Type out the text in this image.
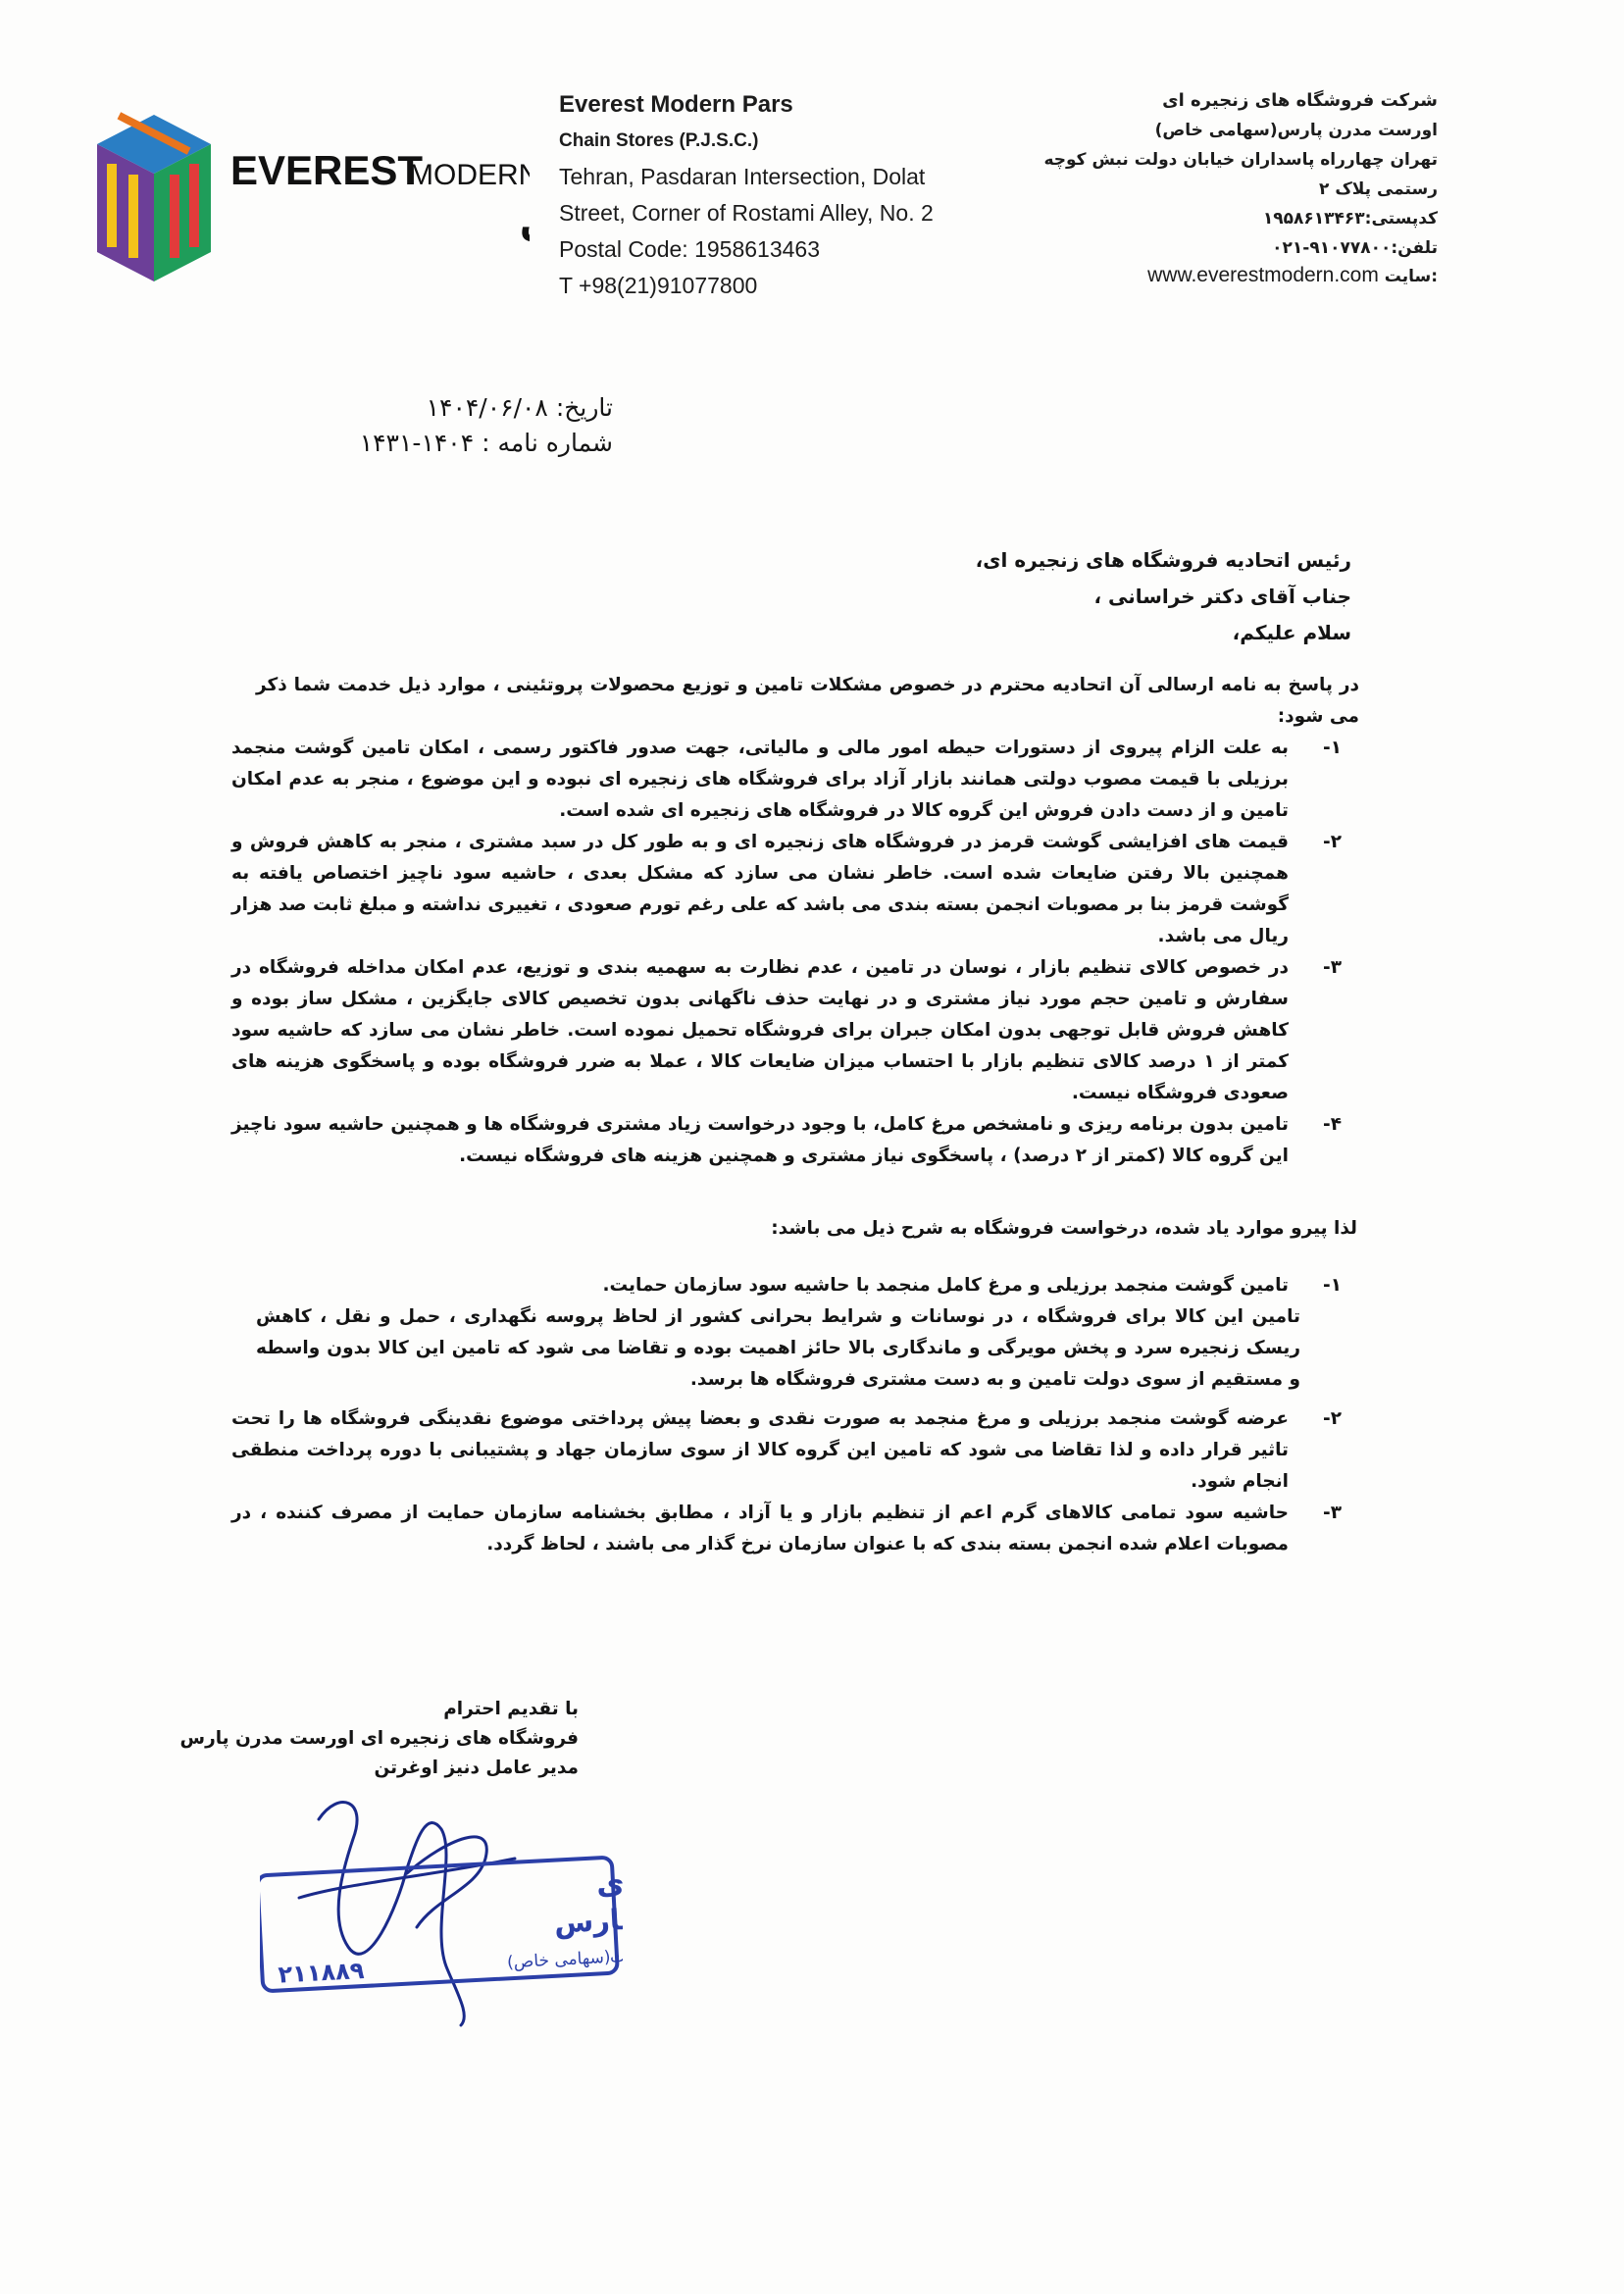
EVEREST
MODERN
Everest Modern Pars
Chain Stores (P.J.S.C.)
Tehran, Pasdaran Intersection, Dolat
Street, Corner of Rostami Alley, No. 2
Postal Code: 1958613463
T +98(21)91077800
شرکت فروشگاه های زنجیره ای
اورست مدرن پارس(سهامی خاص)
تهران چهارراه پاسداران خیابان دولت نبش کوچه
رستمی پلاک ۲
کدپستی:۱۹۵۸۶۱۳۴۶۳
تلفن:۹۱۰۷۷۸۰۰-۰۲۱
www.everestmodern.com سایت:
تاریخ: ۱۴۰۴/۰۶/۰۸
شماره نامه : ۱۴۰۴-۱۴۳۱
رئیس اتحادیه فروشگاه های زنجیره ای،
جناب آقای دکتر خراسانی ،
سلام علیکم،
در پاسخ به نامه ارسالی آن اتحادیه محترم در خصوص مشکلات تامین و توزیع محصولات پروتئینی ، موارد ذیل خدمت شما ذکر می شود:
۱-
به علت الزام پیروی از دستورات حیطه امور مالی و مالیاتی، جهت صدور فاکتور رسمی ، امکان تامین گوشت منجمد برزیلی با قیمت مصوب دولتی همانند بازار آزاد برای فروشگاه های زنجیره ای نبوده و این موضوع ، منجر به عدم امکان تامین و از دست دادن فروش این گروه کالا در فروشگاه های زنجیره ای شده است.
۲-
قیمت های افزایشی گوشت قرمز در فروشگاه های زنجیره ای و به طور کل در سبد مشتری ، منجر به کاهش فروش و همچنین بالا رفتن ضایعات شده است. خاطر نشان می سازد که مشکل بعدی ، حاشیه سود ناچیز اختصاص یافته به گوشت قرمز بنا بر مصوبات انجمن بسته بندی می باشد که علی رغم تورم صعودی ، تغییری نداشته و مبلغ ثابت صد هزار ریال می باشد.
۳-
در خصوص کالای تنظیم بازار ، نوسان در تامین ، عدم نظارت به سهمیه بندی و توزیع، عدم امکان مداخله فروشگاه در سفارش و تامین حجم مورد نیاز مشتری و در نهایت حذف ناگهانی بدون تخصیص کالای جایگزین ، مشکل ساز بوده و کاهش فروش قابل توجهی بدون امکان جبران برای فروشگاه تحمیل نموده است. خاطر نشان می سازد که حاشیه سود کمتر از ۱ درصد کالای تنظیم بازار با احتساب میزان ضایعات کالا ، عملا به ضرر فروشگاه بوده و پاسخگوی هزینه های صعودی فروشگاه نیست.
۴-
تامین بدون برنامه ریزی و نامشخص مرغ کامل، با وجود درخواست زیاد مشتری فروشگاه ها و همچنین حاشیه سود ناچیز این گروه کالا (کمتر از ۲ درصد) ، پاسخگوی نیاز مشتری و همچنین هزینه های فروشگاه نیست.
لذا پیرو موارد یاد شده، درخواست فروشگاه به شرح ذیل می باشد:
۱-
تامین گوشت منجمد برزیلی و مرغ کامل منجمد با حاشیه سود سازمان حمایت.
تامین این کالا برای فروشگاه ، در نوسانات و شرایط بحرانی کشور از لحاظ پروسه نگهداری ، حمل و نقل ، کاهش ریسک زنجیره سرد و پخش مویرگی و ماندگاری بالا حائز اهمیت بوده و تقاضا می شود که تامین این کالا بدون واسطه و مستقیم از سوی دولت تامین و به دست مشتری فروشگاه ها برسد.
۲-
عرضه گوشت منجمد برزیلی و مرغ منجمد به صورت نقدی و بعضا پیش پرداختی موضوع نقدینگی فروشگاه ها را تحت تاثیر قرار داده و لذا تقاضا می شود که تامین این گروه کالا از سوی سازمان جهاد و پشتیبانی با دوره پرداخت منطقی انجام شود.
۳-
حاشیه سود تمامی کالاهای گرم اعم از تنظیم بازار و یا آزاد ، مطابق بخشنامه سازمان حمایت از مصرف کننده ، در مصوبات اعلام شده انجمن بسته بندی که با عنوان سازمان نرخ گذار می باشند ، لحاظ گردد.
با تقدیم احترام
فروشگاه های زنجیره ای اورست مدرن پارس
مدیر عامل دنیز اوغرتن
ای
پارس
(سهامی خاص)
ثبت
۲۱۱۸۸۹
